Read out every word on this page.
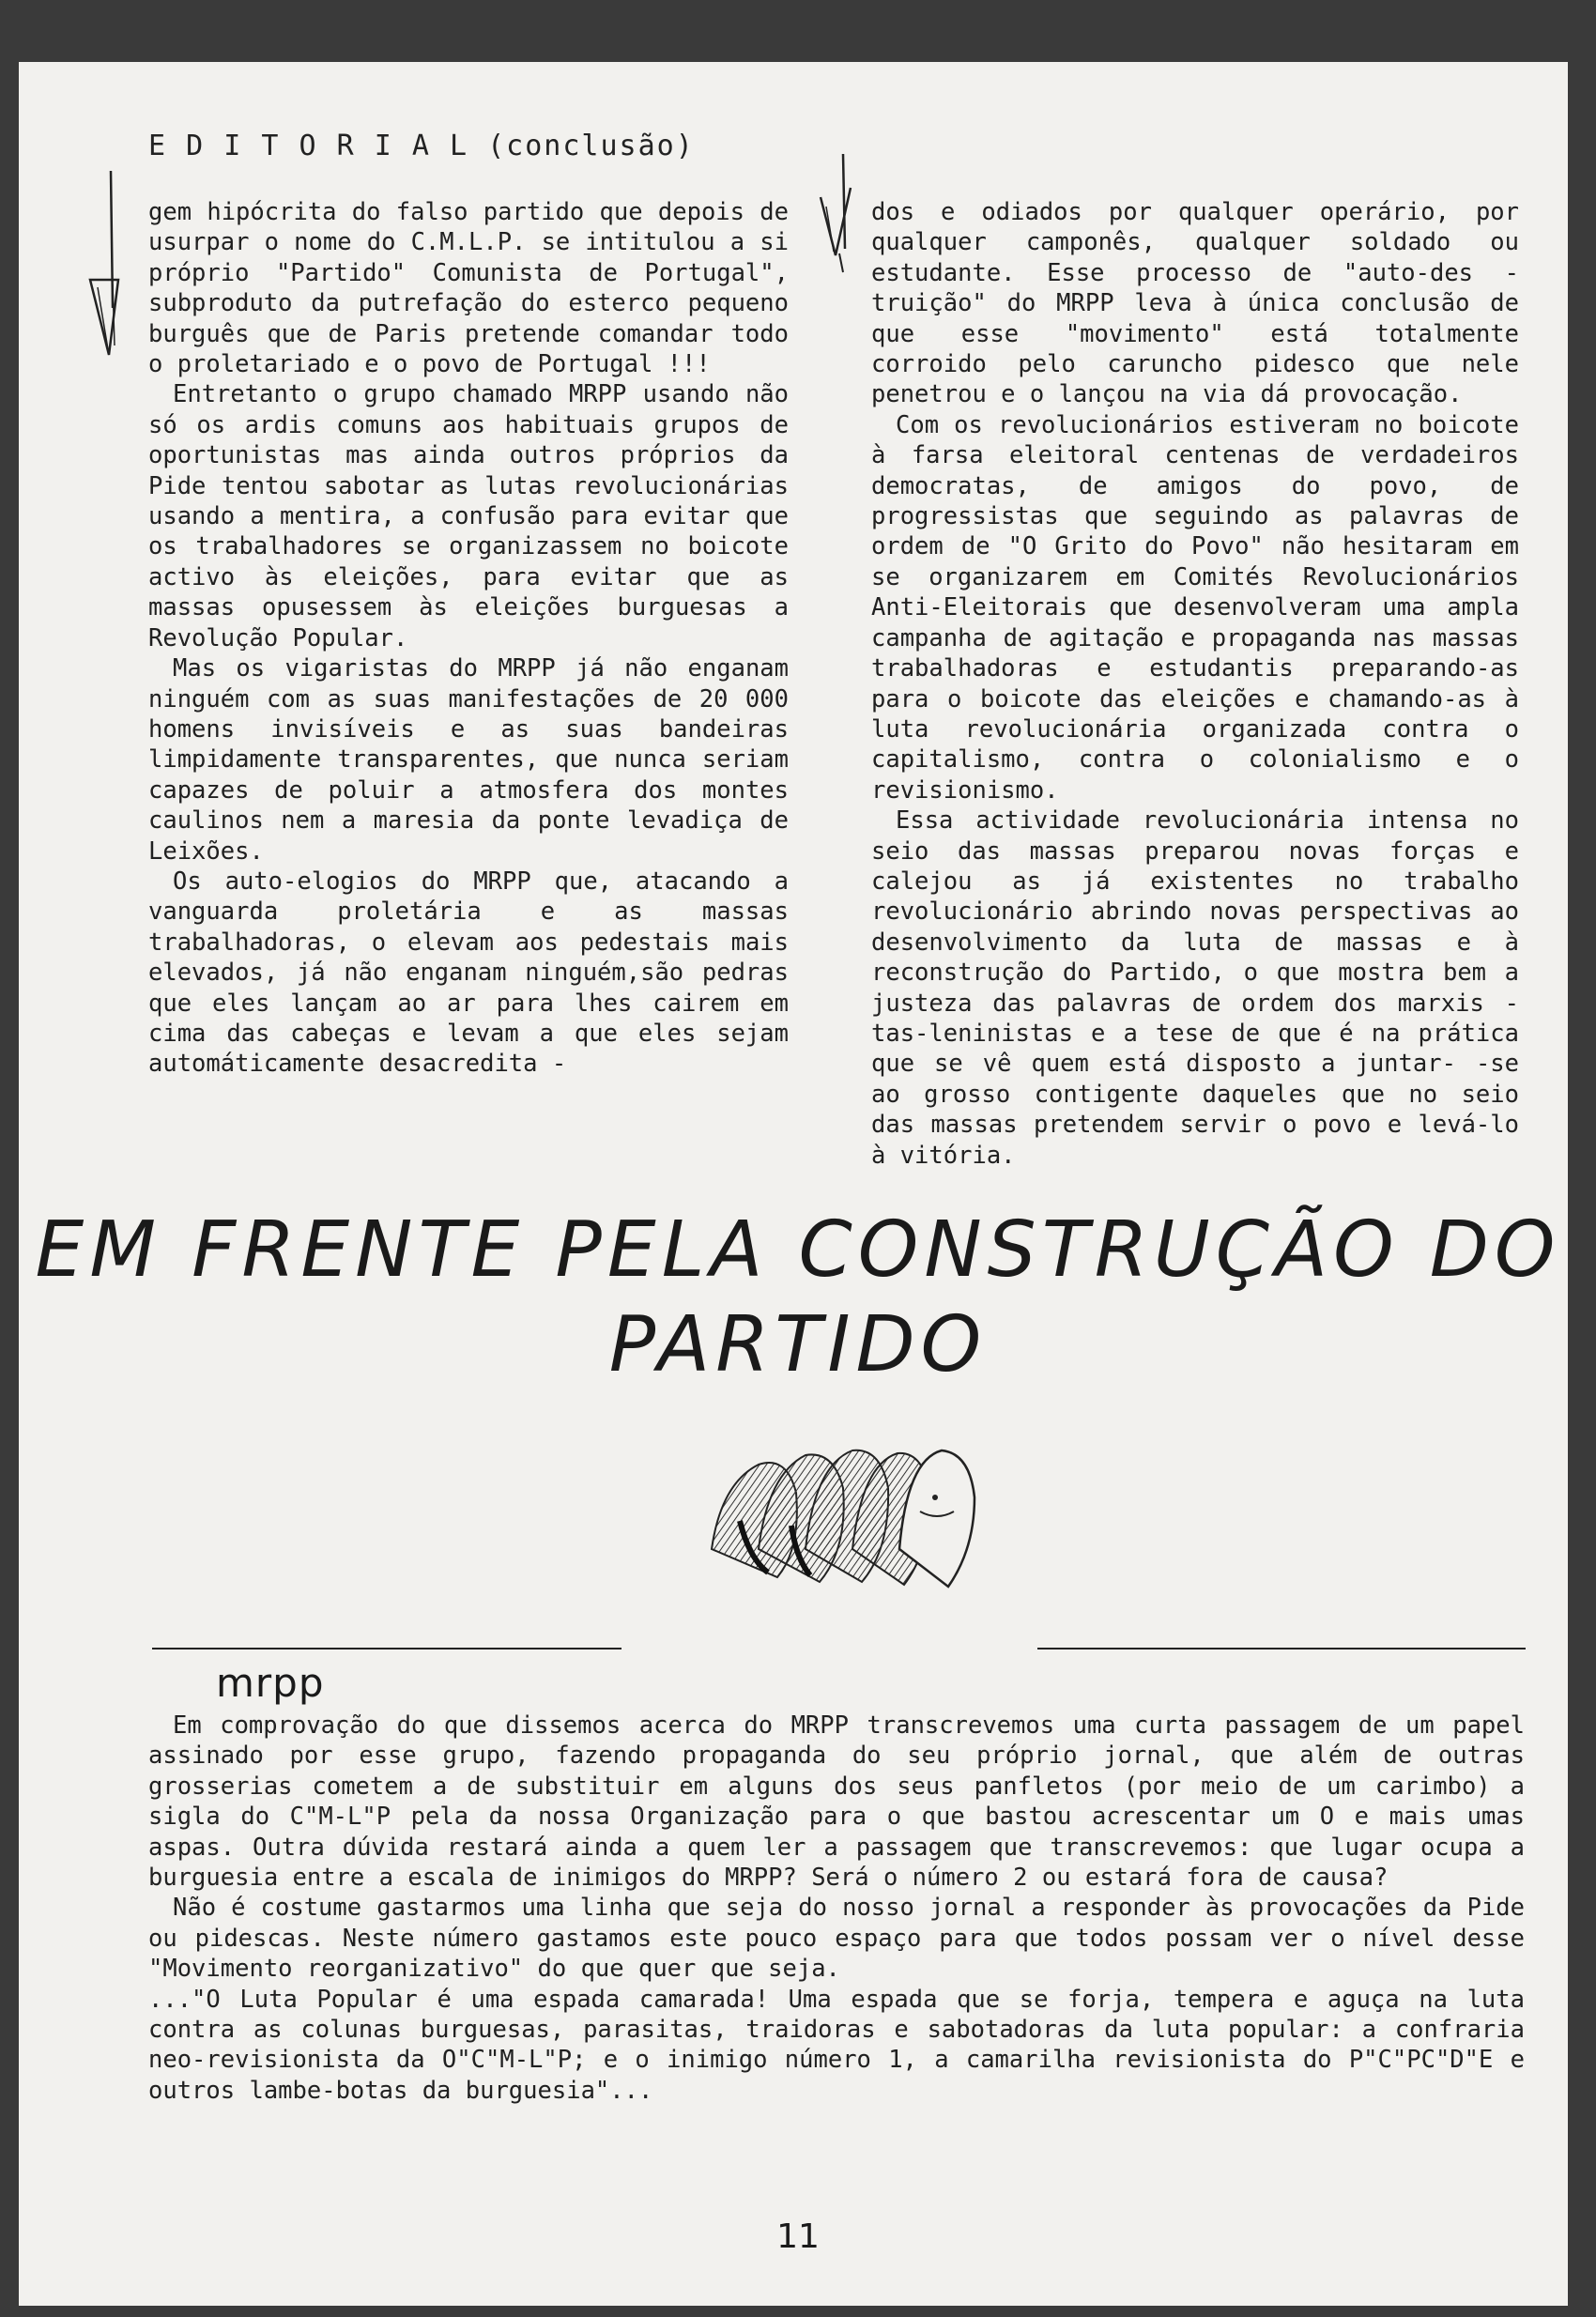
E D I T O R I A L (conclusão)

gem hipócrita do falso partido que depois de usurpar o nome do C.M.L.P. se intitulou a si próprio "Partido" Comunista de Portugal", subproduto da putrefação do esterco pequeno burguês que de Paris pretende comandar todo o proletariado e o povo de Portugal !!!

Entretanto o grupo chamado MRPP usando não só os ardis comuns aos habituais grupos de oportunistas mas ainda outros próprios da Pide tentou sabotar as lutas revolucionárias usando a mentira, a confusão para evitar que os trabalhadores se organizassem no boicote activo às eleições, para evitar que as massas opusessem às eleições burguesas a Revolução Popular.

Mas os vigaristas do MRPP já não enganam ninguém com as suas manifestações de 20 000 homens invisíveis e as suas bandeiras limpidamente transparentes, que nunca seriam capazes de poluir a atmosfera dos montes caulinos nem a maresia da ponte levadiça de Leixões.

Os auto-elogios do MRPP que, atacando a vanguarda proletária e as massas trabalhadoras, o elevam aos pedestais mais elevados, já não enganam ninguém,são pedras que eles lançam ao ar para lhes cairem em cima das cabeças e levam a que eles sejam automáticamente desacredita -

dos e odiados por qualquer operário, por qualquer camponês, qualquer soldado ou estudante. Esse processo de "auto-des - truição" do MRPP leva à única conclusão de que esse "movimento" está totalmente corroido pelo caruncho pidesco que nele penetrou e o lançou na via dá provocação.

Com os revolucionários estiveram no boicote à farsa eleitoral centenas de verdadeiros democratas, de amigos do povo, de progressistas que seguindo as palavras de ordem de "O Grito do Povo" não hesitaram em se organizarem em Comités Revolucionários Anti-Eleitorais que desenvolveram uma ampla campanha de agitação e propaganda nas massas trabalhadoras e estudantis preparando-as para o boicote das eleições e chamando-as à luta revolucionária organizada contra o capitalismo, contra o colonialismo e o revisionismo.

Essa actividade revolucionária intensa no seio das massas preparou novas forças e calejou as já existentes no trabalho revolucionário abrindo novas perspectivas ao desenvolvimento da luta de massas e à reconstrução do Partido, o que mostra bem a justeza das palavras de ordem dos marxis - tas-leninistas e a tese de que é na prática que se vê quem está disposto a juntar- -se ao grosso contigente daqueles que no seio das massas pretendem servir o povo e levá-lo à vitória.

EM FRENTE PELA CONSTRUÇÃO DO
PARTIDO
mrpp

Em comprovação do que dissemos acerca do MRPP transcrevemos uma curta passagem de um papel assinado por esse grupo, fazendo propaganda do seu próprio jornal, que além de outras grosserias cometem a de substituir em alguns dos seus panfletos (por meio de um carimbo) a sigla do C"M-L"P pela da nossa Organização para o que bastou acrescentar um O e mais umas aspas. Outra dúvida restará ainda a quem ler a passagem que transcrevemos: que lugar ocupa a burguesia entre a escala de inimigos do MRPP? Será o número 2 ou estará fora de causa?

Não é costume gastarmos uma linha que seja do nosso jornal a responder às provocações da Pide ou pidescas. Neste número gastamos este pouco espaço para que todos possam ver o nível desse "Movimento reorganizativo" do que quer que seja.

..."O Luta Popular é uma espada camarada! Uma espada que se forja, tempera e aguça na luta contra as colunas burguesas, parasitas, traidoras e sabotadoras da luta popular: a confraria neo-revisionista da O"C"M-L"P; e o inimigo número 1, a camarilha revisionista do P"C"PC"D"E e outros lambe-botas da burguesia"...

11
